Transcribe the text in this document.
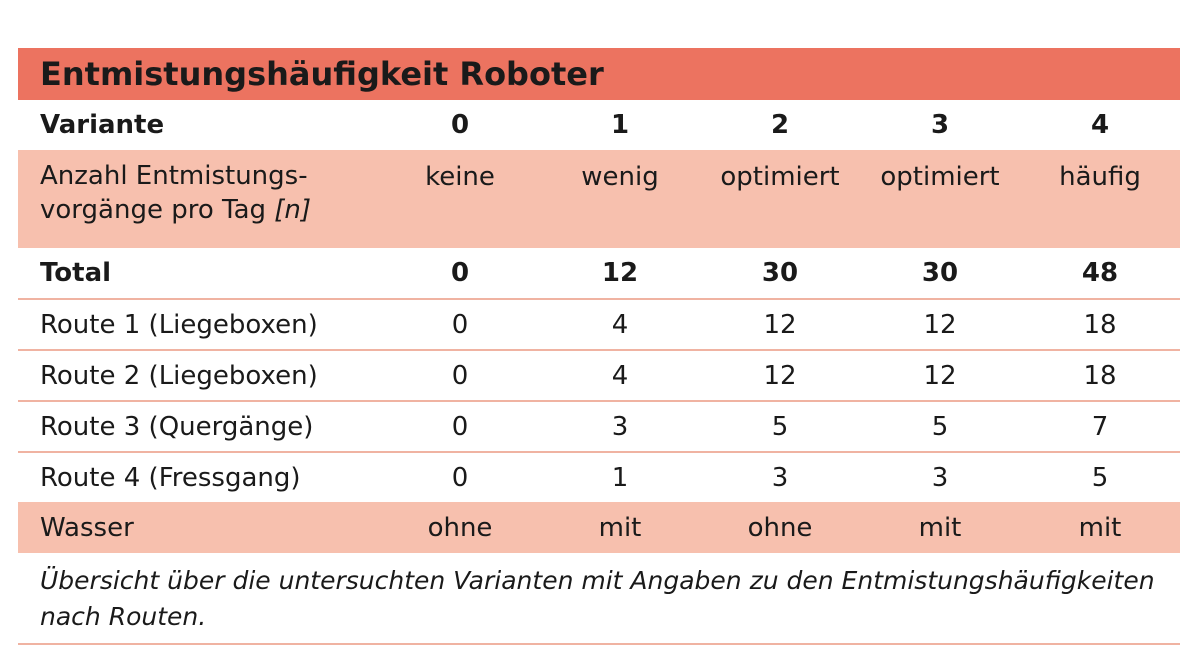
Entmistungshäufigkeit Roboter
Variante	0	1	2	3	4
Anzahl Entmistungs-
vorgänge pro Tag [n]	keine	wenig	optimiert	optimiert	häufig
Total	0	12	30	30	48
Route 1 (Liegeboxen)	0	4	12	12	18
Route 2 (Liegeboxen)	0	4	12	12	18
Route 3 (Quergänge)	0	3	5	5	7
Route 4 (Fressgang)	0	1	3	3	5
Wasser	ohne	mit	ohne	mit	mit
Übersicht über die untersuchten Varianten mit Angaben zu den Entmistungshäufigkeiten nach Routen.
